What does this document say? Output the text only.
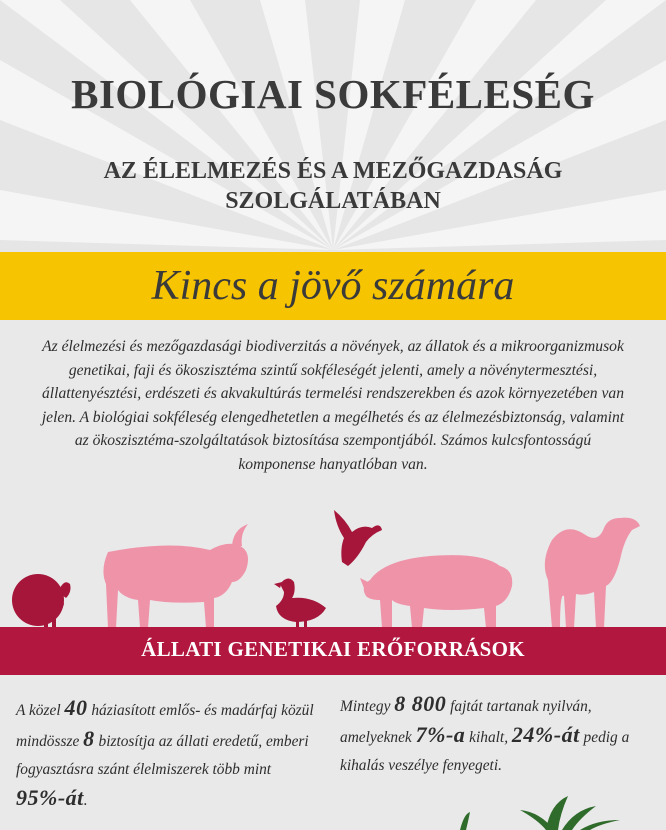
BIOLÓGIAI SOKFÉLESÉG
AZ ÉLELMEZÉS ÉS A MEZŐGAZDASÁG
SZOLGÁLATÁBAN
Kincs a jövő számára
Az élelmezési és mezőgazdasági biodiverzitás a növények, az állatok és a mikroorganizmusok genetikai, faji és ökoszisztéma szintű sokféleségét jelenti, amely a növénytermesztési, állattenyésztési, erdészeti és akvakultúrás termelési rendszerekben és azok környezetében van jelen. A biológiai sokféleség elengedhetetlen a megélhetés és az élelmezésbiztonság, valamint az ökoszisztéma-szolgáltatások biztosítása szempontjából. Számos kulcsfontosságú komponense hanyatlóban van.
ÁLLATI GENETIKAI ERŐFORRÁSOK
A közel 40 háziasított emlős- és madárfaj közül mindössze 8 biztosítja az állati eredetű, emberi fogyasztásra szánt élelmiszerek több mint 95%-át.
Mintegy 8 800 fajtát tartanak nyilván, amelyeknek 7%-a kihalt, 24%-át pedig a kihalás veszélye fenyegeti.
